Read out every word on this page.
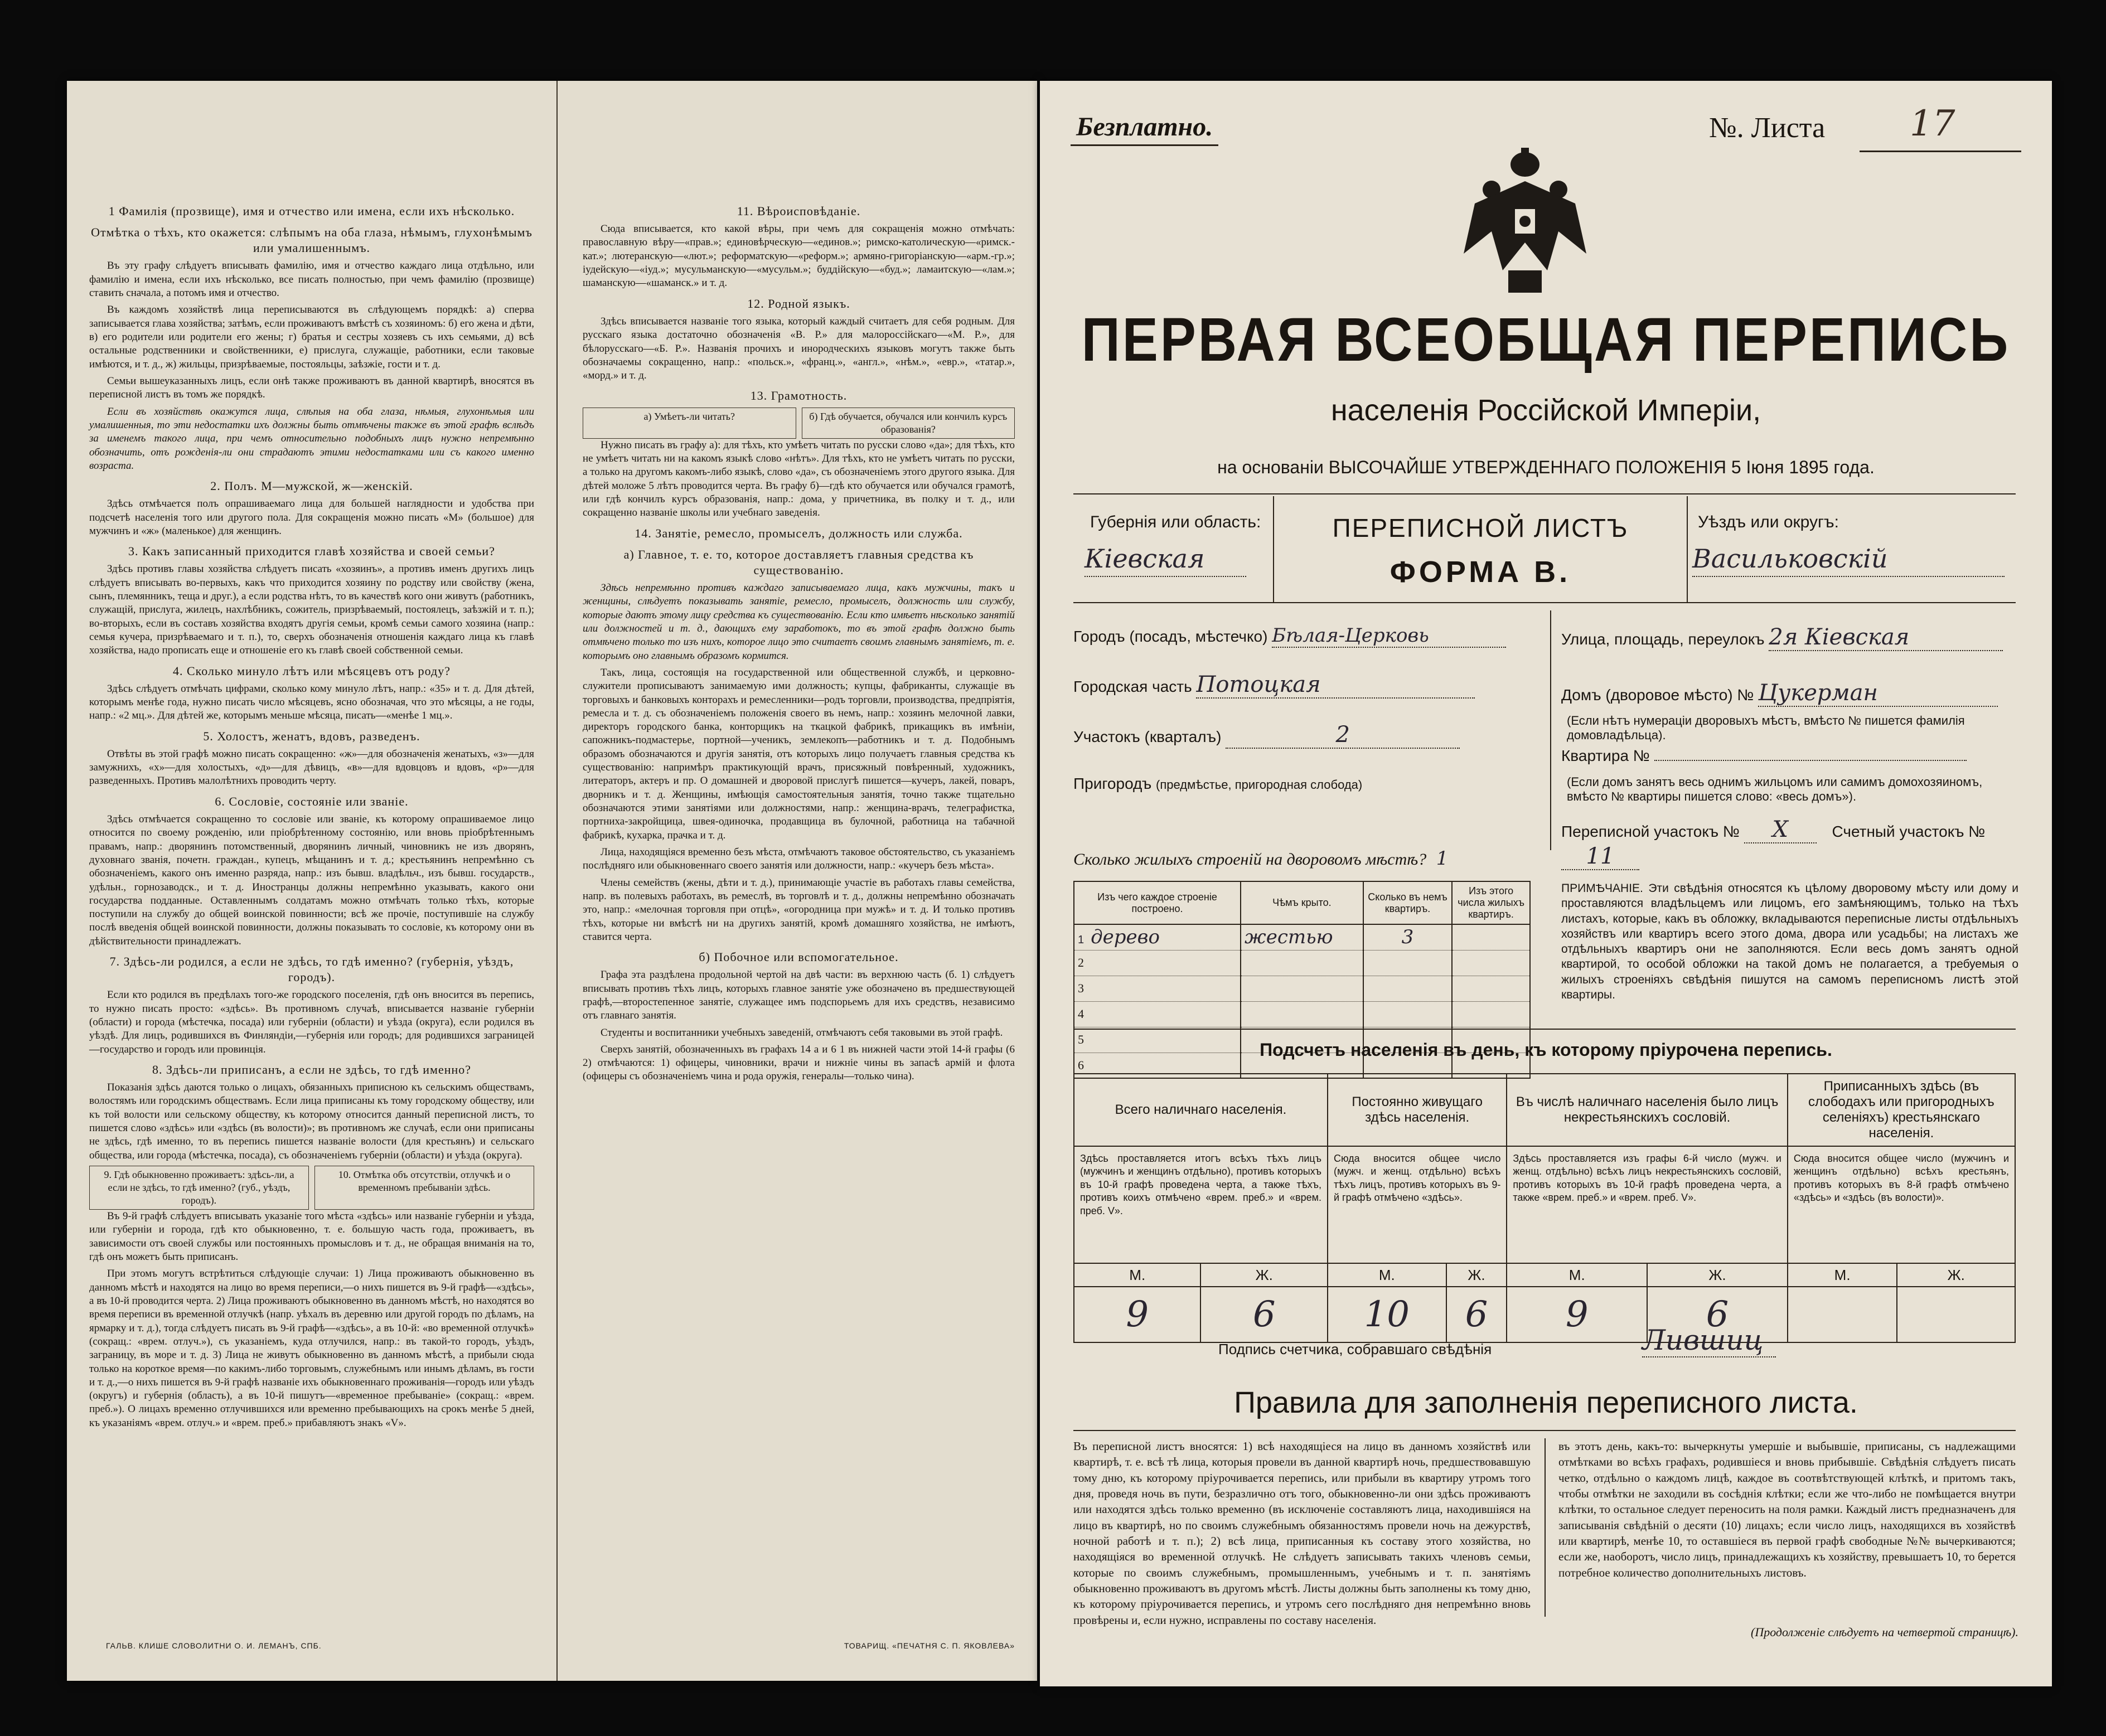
1 Фамилія (прозвище), имя и отчество или имена, если ихъ нѣсколько.
Отмѣтка о тѣхъ, кто окажется: слѣпымъ на оба глаза, нѣмымъ, глухонѣмымъ или умалишеннымъ.

Въ эту графу слѣдуетъ вписывать фамилію, имя и отчество каждаго лица отдѣльно, или фамилію и имена, если ихъ нѣсколько, все писать полностью, при чемъ фамилію (прозвище) ставить сначала, а потомъ имя и отчество.

Въ каждомъ хозяйствѣ лица переписываются въ слѣдующемъ порядкѣ: а) сперва записывается глава хозяйства; затѣмъ, если проживаютъ вмѣстѣ съ хозяиномъ: б) его жена и дѣти, в) его родители или родители его жены; г) братья и сестры хозяевъ съ ихъ семьями, д) всѣ остальные родственники и свойственники, е) прислуга, служащіе, работники, если таковые имѣются, и т. д., ж) жильцы, призрѣваемые, постояльцы, заѣзжіе, гости и т. д.

Семьи вышеуказанныхъ лицъ, если онѣ также проживаютъ въ данной квартирѣ, вносятся въ переписной листъ въ томъ же порядкѣ.

Если въ хозяйствѣ окажутся лица, слѣпыя на оба глаза, нѣмыя, глухонѣмыя или умалишенныя, то эти недостатки ихъ должны быть отмѣчены также въ этой графѣ вслѣдъ за именемъ такого лица, при чемъ относительно подобныхъ лицъ нужно непремѣнно обозначить, отъ рожденія-ли они страдаютъ этими недостатками или съ какого именно возраста.

2. Полъ. М—мужской, ж—женскій.

Здѣсь отмѣчается полъ опрашиваемаго лица для большей наглядности и удобства при подсчетѣ населенія того или другого пола. Для сокращенія можно писать «М» (большое) для мужчинъ и «ж» (маленькое) для женщинъ.

3. Какъ записанный приходится главѣ хозяйства и своей семьи?

Здѣсь противъ главы хозяйства слѣдуетъ писать «хозяинъ», а противъ именъ другихъ лицъ слѣдуетъ вписывать во-первыхъ, какъ что приходится хозяину по родству или свойству (жена, сынъ, племянникъ, теща и друг.), а если родства нѣтъ, то въ качествѣ кого они живутъ (работникъ, служащій, прислуга, жилецъ, нахлѣбникъ, сожитель, призрѣваемый, постоялецъ, заѣзжій и т. п.); во-вторыхъ, если въ составъ хозяйства входятъ другія семьи, кромѣ семьи самого хозяина (напр.: семья кучера, призрѣваемаго и т. п.), то, сверхъ обозначенія отношенія каждаго лица къ главѣ хозяйства, надо прописать еще и отношеніе его къ главѣ своей собственной семьи.

4. Сколько минуло лѣтъ или мѣсяцевъ отъ роду?

Здѣсь слѣдуетъ отмѣчать цифрами, сколько кому минуло лѣтъ, напр.: «35» и т. д. Для дѣтей, которымъ менѣе года, нужно писать число мѣсяцевъ, ясно обозначая, что это мѣсяцы, а не годы, напр.: «2 мц.». Для дѣтей же, которымъ меньше мѣсяца, писать—«менѣе 1 мц.».

5. Холостъ, женатъ, вдовъ, разведенъ.

Отвѣты въ этой графѣ можно писать сокращенно: «ж»—для обозначенія женатыхъ, «з»—для замужнихъ, «х»—для холостыхъ, «д»—для дѣвицъ, «в»—для вдовцовъ и вдовъ, «р»—для разведенныхъ. Противъ малолѣтнихъ проводить черту.

6. Сословіе, состояніе или званіе.

Здѣсь отмѣчается сокращенно то сословіе или званіе, къ которому опрашиваемое лицо относится по своему рожденію, или пріобрѣтенному состоянію, или вновь пріобрѣтеннымъ правамъ, напр.: дворянинъ потомственный, дворянинъ личный, чиновникъ не изъ дворянъ, духовнаго званія, почетн. граждан., купецъ, мѣщанинъ и т. д.; крестьянинъ непремѣнно съ обозначеніемъ, какого онъ именно разряда, напр.: изъ бывш. владѣльч., изъ бывш. государств., удѣльн., горнозаводск., и т. д. Иностранцы должны непремѣнно указывать, какого они государства подданные. Оставленнымъ солдатамъ можно отмѣчать только тѣхъ, которые поступили на службу до общей воинской повинности; всѣ же прочіе, поступившіе на службу послѣ введенія общей воинской повинности, должны показывать то сословіе, къ которому они въ дѣйствительности принадлежатъ.

7. Здѣсь-ли родился, а если не здѣсь, то гдѣ именно? (губернія, уѣздъ, городъ).

Если кто родился въ предѣлахъ того-же городского поселенія, гдѣ онъ вносится въ перепись, то нужно писать просто: «здѣсь». Въ противномъ случаѣ, вписывается названіе губерніи (области) и города (мѣстечка, посада) или губерніи (области) и уѣзда (округа), если родился въ уѣздѣ. Для лицъ, родившихся въ Финляндіи,—губернія или городъ; для родившихся заграницей—государство и городъ или провинція.

8. Здѣсь-ли приписанъ, а если не здѣсь, то гдѣ именно?

Показанія здѣсь даются только о лицахъ, обязанныхъ приписною къ сельскимъ обществамъ, волостямъ или городскимъ обществамъ. Если лица приписаны къ тому городскому обществу, или къ той волости или сельскому обществу, къ которому относится данный переписной листъ, то пишется слово «здѣсь» или «здѣсь (въ волости)»; въ противномъ же случаѣ, если они приписаны не здѣсь, гдѣ именно, то въ перепись пишется названіе волости (для крестьянъ) и сельскаго общества, или города (мѣстечка, посада), съ обозначеніемъ губерніи (области) и уѣзда (округа).

9. Гдѣ обыкновенно проживаетъ: здѣсь-ли, а если не здѣсь, то гдѣ именно? (губ., уѣздъ, городъ).
10. Отмѣтка объ отсутствіи, отлучкѣ и о временномъ пребываніи здѣсь.

Въ 9-й графѣ слѣдуетъ вписывать указаніе того мѣста «здѣсь» или названіе губерніи и уѣзда, или губерніи и города, гдѣ кто обыкновенно, т. е. большую часть года, проживаетъ, въ зависимости отъ своей службы или постоянныхъ промысловъ и т. д., не обращая вниманія на то, гдѣ онъ можетъ быть приписанъ.

При этомъ могутъ встрѣтиться слѣдующіе случаи: 1) Лица проживаютъ обыкновенно въ данномъ мѣстѣ и находятся на лицо во время переписи,—о нихъ пишется въ 9-й графѣ—«здѣсь», а въ 10-й проводится черта. 2) Лица проживаютъ обыкновенно въ данномъ мѣстѣ, но находятся во время переписи въ временной отлучкѣ (напр. уѣхалъ въ деревню или другой городъ по дѣламъ, на ярмарку и т. д.), тогда слѣдуетъ писать въ 9-й графѣ—«здѣсь», а въ 10-й: «во временной отлучкѣ» (сокращ.: «врем. отлуч.»), съ указаніемъ, куда отлучился, напр.: въ такой-то городъ, уѣздъ, заграницу, въ море и т. д. 3) Лица не живутъ обыкновенно въ данномъ мѣстѣ, а прибыли сюда только на короткое время—по какимъ-либо торговымъ, служебнымъ или инымъ дѣламъ, въ гости и т. д.,—о нихъ пишется въ 9-й графѣ названіе ихъ обыкновеннаго проживанія—городъ или уѣздъ (округъ) и губернія (область), а въ 10-й пишутъ—«временное пребываніе» (сокращ.: «врем. преб.»). О лицахъ временно отлучившихся или временно пребывающихъ на срокъ менѣе 5 дней, къ указаніямъ «врем. отлуч.» и «врем. преб.» прибавляютъ знакъ «V».

11. Вѣроисповѣданіе.

Сюда вписывается, кто какой вѣры, при чемъ для сокращенія можно отмѣчать: православную вѣру—«прав.»; единовѣрческую—«единов.»; римско-католическую—«римск.-кат.»; лютеранскую—«лют.»; реформатскую—«реформ.»; армяно-григоріанскую—«арм.-гр.»; іудейскую—«іуд.»; мусульманскую—«мусульм.»; буддійскую—«буд.»; ламаитскую—«лам.»; шаманскую—«шаманск.» и т. д.

12. Родной языкъ.

Здѣсь вписывается названіе того языка, который каждый считаетъ для себя родным. Для русскаго языка достаточно обозначенія «В. Р.» для малороссійскаго—«М. Р.», для бѣлорусскаго—«Б. Р.». Названія прочихъ и инородческихъ языковъ могутъ также быть обозначаемы сокращенно, напр.: «польск.», «франц.», «англ.», «нѣм.», «евр.», «татар.», «морд.» и т. д.

13. Грамотность.
а) Умѣетъ-ли читать?	б) Гдѣ обучается, обучался или кончилъ курсъ образованія?

Нужно писать въ графу а): для тѣхъ, кто умѣетъ читать по русски слово «да»; для тѣхъ, кто не умѣетъ читать ни на какомъ языкѣ слово «нѣтъ». Для тѣхъ, кто не умѣетъ читать по русски, а только на другомъ какомъ-либо языкѣ, слово «да», съ обозначеніемъ этого другого языка. Для дѣтей моложе 5 лѣтъ проводится черта. Въ графу б)—гдѣ кто обучается или обучался грамотѣ, или гдѣ кончилъ курсъ образованія, напр.: дома, у причетника, въ полку и т. д., или сокращенно названіе школы или учебнаго заведенія.

14. Занятіе, ремесло, промыселъ, должность или служба.
а) Главное, т. е. то, которое доставляетъ главныя средства къ существованію.

Здѣсь непремѣнно противъ каждаго записываемаго лица, какъ мужчины, такъ и женщины, слѣдуетъ показывать занятіе, ремесло, промыселъ, должность или службу, которые даютъ этому лицу средства къ существованію. Если кто имѣетъ нѣсколько занятій или должностей и т. д., дающихъ ему заработокъ, то въ этой графѣ должно быть отмѣчено только то изъ нихъ, которое лицо это считаетъ своимъ главнымъ занятіемъ, т. е. которымъ оно главнымъ образомъ кормится.

Такъ, лица, состоящія на государственной или общественной службѣ, и церковно-служители прописываютъ занимаемую ими должность; купцы, фабриканты, служащіе въ торговыхъ и банковыхъ конторахъ и ремесленники—родъ торговли, производства, предпріятія, ремесла и т. д. съ обозначеніемъ положенія своего въ немъ, напр.: хозяинъ мелочной лавки, директоръ городского банка, конторщикъ на ткацкой фабрикѣ, прикащикъ въ имѣніи, сапожникъ-подмастерье, портной—ученикъ, землекопъ—работникъ и т. д. Подобнымъ образомъ обозначаются и другія занятія, отъ которыхъ лицо получаетъ главныя средства къ существованію: напримѣръ практикующій врачъ, присяжный повѣренный, художникъ, литераторъ, актеръ и пр. О домашней и дворовой прислугѣ пишется—кучеръ, лакей, поваръ, дворникъ и т. д. Женщины, имѣющія самостоятельныя занятія, точно также тщательно обозначаются этими занятіями или должностями, напр.: женщина-врачъ, телеграфистка, портниха-закройщица, швея-одиночка, продавщица въ булочной, работница на табачной фабрикѣ, кухарка, прачка и т. д.

Лица, находящіяся временно безъ мѣста, отмѣчаютъ таковое обстоятельство, съ указаніемъ послѣдняго или обыкновеннаго своего занятія или должности, напр.: «кучеръ безъ мѣста».

Члены семействъ (жены, дѣти и т. д.), принимающіе участіе въ работахъ главы семейства, напр. въ полевыхъ работахъ, въ ремеслѣ, въ торговлѣ и т. д., должны непремѣнно обозначать это, напр.: «мелочная торговля при отцѣ», «огородница при мужѣ» и т. д. И только противъ тѣхъ, которые ни вмѣстѣ ни на другихъ занятій, кромѣ домашняго хозяйства, не имѣютъ, ставится черта.

б) Побочное или вспомогательное.

Графа эта раздѣлена продольной чертой на двѣ части: въ верхнюю часть (б. 1) слѣдуетъ вписывать противъ тѣхъ лицъ, которыхъ главное занятіе уже обозначено въ предшествующей графѣ,—второстепенное занятіе, служащее имъ подспорьемъ для ихъ средствъ, независимо отъ главнаго занятія.

Студенты и воспитанники учебныхъ заведеній, отмѣчаютъ себя таковыми въ этой графѣ.

Сверхъ занятій, обозначенныхъ въ графахъ 14 а и 6 1 въ нижней части этой 14-й графы (6 2) отмѣчаются: 1) офицеры, чиновники, врачи и нижніе чины въ запасѣ армій и флота (офицеры съ обозначеніемъ чина и рода оружія, генералы—только чина).

ГАЛЬВ. КЛИШЕ СЛОВОЛИТНИ О. И. ЛЕМАНЪ, СПБ.	ТОВАРИЩ. «ПЕЧАТНЯ С. П. ЯКОВЛЕВА»
Безплатно.	№. Листа 17
ПЕРВАЯ ВСЕОБЩАЯ ПЕРЕПИСЬ
населенія Россійской Имперіи,
на основаніи ВЫСОЧАЙШЕ УТВЕРЖДЕННАГО ПОЛОЖЕНІЯ 5 Іюня 1895 года.
Губернія или область:
Кіевская
ПЕРЕПИСНОЙ ЛИСТЪ
ФОРМА В.
Уѣздъ или округъ:
Васильковскій
Городъ (посадъ, мѣстечко) Бѣлая-Церковь
Городская часть Потоцкая
Участокъ (кварталъ)	2
Пригородъ (предмѣстье, пригородная слобода)
Улица, площадь, переулокъ 2я Кіевская
Домъ (дворовое мѣсто) № Цукерман
(Если нѣтъ нумераціи дворовыхъ мѣстъ, вмѣсто № пишется фамилія домовладѣльца).
Квартира №
(Если домъ занятъ весь однимъ жильцомъ или самимъ домохозяиномъ, вмѣсто № квартиры пишется слово: «весь домъ»).
Переписной участокъ № X	Счетный участокъ № 11
Сколько жилыхъ строеній на дворовомъ мѣстѣ? 1
Изъ чего каждое строеніе построено.	Чѣмъ крыто.	Сколько въ немъ квартиръ.	Изъ этого числа жилыхъ квартиръ.
1 дерево	жестью	3	
2			
3			
4			
5			
6			
ПРИМѢЧАНІЕ. Эти свѣдѣнія относятся къ цѣлому дворовому мѣсту или дому и проставляются владѣльцемъ или лицомъ, его замѣняющимъ, только на тѣхъ листахъ, которые, какъ въ обложку, вкладываются переписные листы отдѣльныхъ хозяйствъ или квартиръ всего этого дома, двора или усадьбы; на листахъ же отдѣльныхъ квартиръ они не заполняются. Если весь домъ занятъ одной квартирой, то особой обложки на такой домъ не полагается, а требуемыя о жилыхъ строеніяхъ свѣдѣнія пишутся на самомъ переписномъ листѣ этой квартиры.
Подсчетъ населенія въ день, къ которому пріурочена перепись.
Всего наличнаго населенія.		Постоянно живущаго здѣсь населенія.		Въ числѣ наличнаго населенія было лицъ некрестьянскихъ сословій.		Приписанныхъ здѣсь (въ слободахъ или пригородныхъ селеніяхъ) крестьянскаго населенія.	
Здѣсь проставляется итогъ всѣхъ тѣхъ лицъ (мужчинъ и женщинъ отдѣльно), противъ которыхъ въ 10-й графѣ проведена черта, а также тѣхъ, противъ коихъ отмѣчено «врем. преб.» и «врем. преб. V».		Сюда вносится общее число (мужч. и женщ. отдѣльно) всѣхъ тѣхъ лицъ, противъ которыхъ въ 9-й графѣ отмѣчено «здѣсь».		Здѣсь проставляется изъ графы 6-й число (мужч. и женщ. отдѣльно) всѣхъ лицъ некрестьянскихъ сословій, противъ которыхъ въ 10-й графѣ проведена черта, а также «врем. преб.» и «врем. преб. V».		Сюда вносится общее число (мужчинъ и женщинъ отдѣльно) всѣхъ крестьянъ, противъ которыхъ въ 8-й графѣ отмѣчено «здѣсь» и «здѣсь (въ волости)».	
М.	Ж.	М.	Ж.	М.	Ж.	М.	Ж.
9	6	10	6	9	6		
Подпись счетчика, собравшаго свѣдѣнія	Лившиц
Правила для заполненія переписного листа.
Въ переписной листъ вносятся: 1) всѣ находящіеся на лицо въ данномъ хозяйствѣ или квартирѣ, т. е. всѣ тѣ лица, которыя провели въ данной квартирѣ ночь, предшествовавшую тому дню, къ которому пріурочивается перепись, или прибыли въ квартиру утромъ того дня, проведя ночь въ пути, безразлично отъ того, обыкновенно-ли они здѣсь проживаютъ или находятся здѣсь только временно (въ исключеніе составляютъ лица, находившіяся на лицо въ квартирѣ, но по своимъ служебнымъ обязанностямъ провели ночь на дежурствѣ, ночной работѣ и т. п.); 2) всѣ лица, приписанныя къ составу этого хозяйства, но находящіяся во временной отлучкѣ. Не слѣдуетъ записывать такихъ членовъ семьи, которые по своимъ служебнымъ, промышленнымъ, учебнымъ и т. п. занятіямъ обыкновенно проживаютъ въ другомъ мѣстѣ. Листы должны быть заполнены къ тому дню, къ которому пріурочивается перепись, и утромъ сего послѣдняго дня непремѣнно вновь провѣрены и, если нужно, исправлены по составу населенія.
въ этотъ день, какъ-то: вычеркнуты умершіе и выбывшіе, приписаны, съ надлежащими отмѣтками во всѣхъ графахъ, родившіеся и вновь прибывшіе. Свѣдѣнія слѣдуетъ писать четко, отдѣльно о каждомъ лицѣ, каждое въ соотвѣтствующей клѣткѣ, и притомъ такъ, чтобы отмѣтки не заходили въ сосѣднія клѣтки; если же что-либо не помѣщается внутри клѣтки, то остальное следует переносить на поля рамки. Каждый листъ предназначенъ для записыванія свѣдѣній о десяти (10) лицахъ; если число лицъ, находящихся въ хозяйствѣ или квартирѣ, менѣе 10, то оставшіеся въ первой графѣ свободные №№ вычеркиваются; если же, наоборотъ, число лицъ, принадлежащихъ къ хозяйству, превышаетъ 10, то берется потребное количество дополнительныхъ листовъ.
(Продолженіе слѣдуетъ на четвертой страницѣ).
